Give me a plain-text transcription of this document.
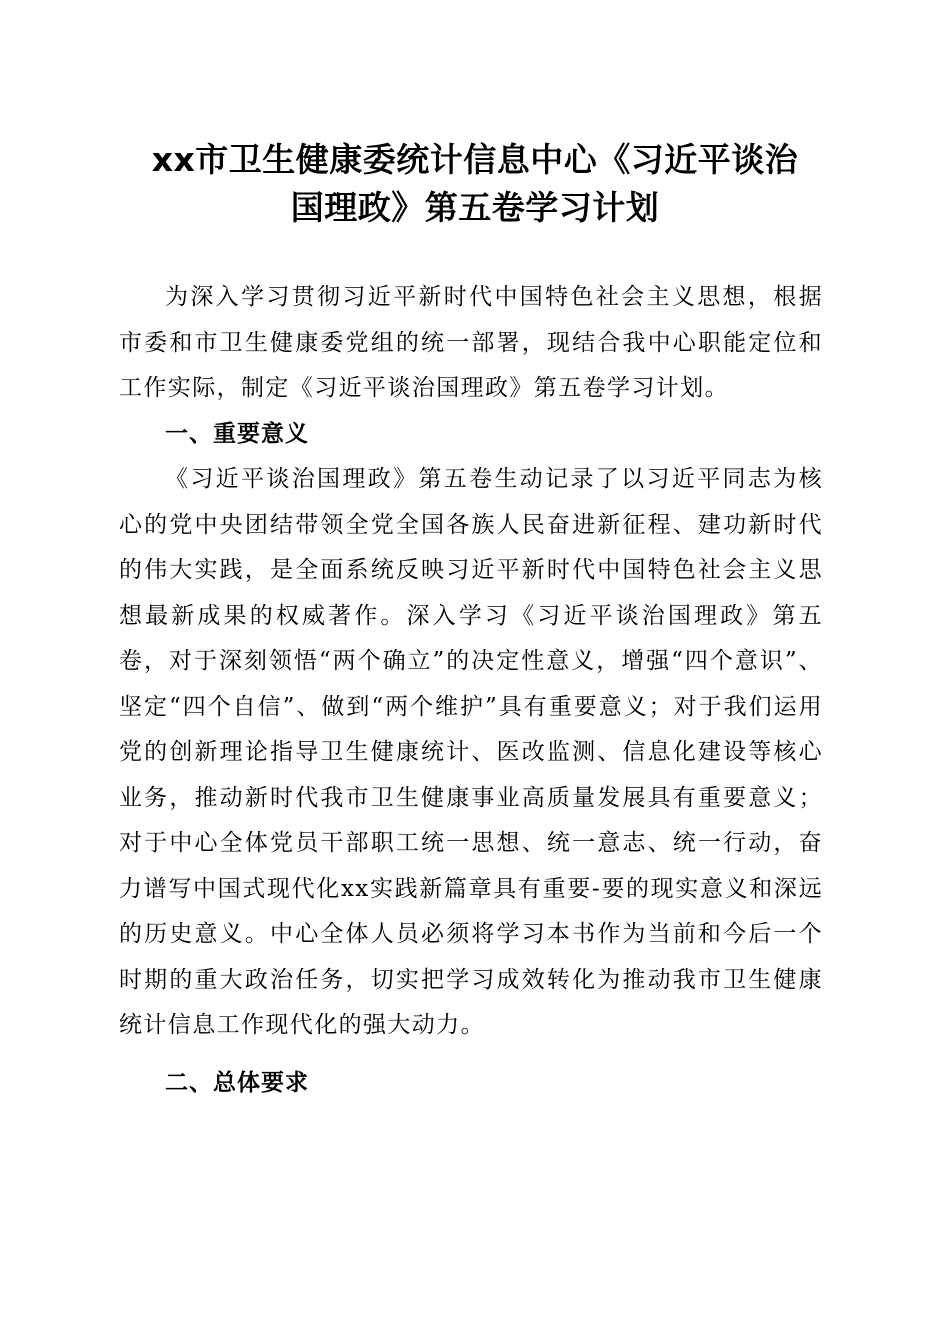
xx市卫生健康委统计信息中心《习近平谈治
国理政》第五卷学习计划

为深入学习贯彻习近平新时代中国特色社会主义思想，根据市委和市卫生健康委党组的统一部署，现结合我中心职能定位和工作实际，制定《习近平谈治国理政》第五卷学习计划。

一、重要意义

《习近平谈治国理政》第五卷生动记录了以习近平同志为核心的党中央团结带领全党全国各族人民奋进新征程、建功新时代的伟大实践，是全面系统反映习近平新时代中国特色社会主义思想最新成果的权威著作。深入学习《习近平谈治国理政》第五卷，对于深刻领悟“两个确立”的决定性意义，增强“四个意识”、坚定“四个自信”、做到“两个维护”具有重要意义；对于我们运用党的创新理论指导卫生健康统计、医改监测、信息化建设等核心业务，推动新时代我市卫生健康事业高质量发展具有重要意义；对于中心全体党员干部职工统一思想、统一意志、统一行动，奋力谱写中国式现代化xx实践新篇章具有重要-要的现实意义和深远的历史意义。中心全体人员必须将学习本书作为当前和今后一个时期的重大政治任务，切实把学习成效转化为推动我市卫生健康统计信息工作现代化的强大动力。

二、总体要求
